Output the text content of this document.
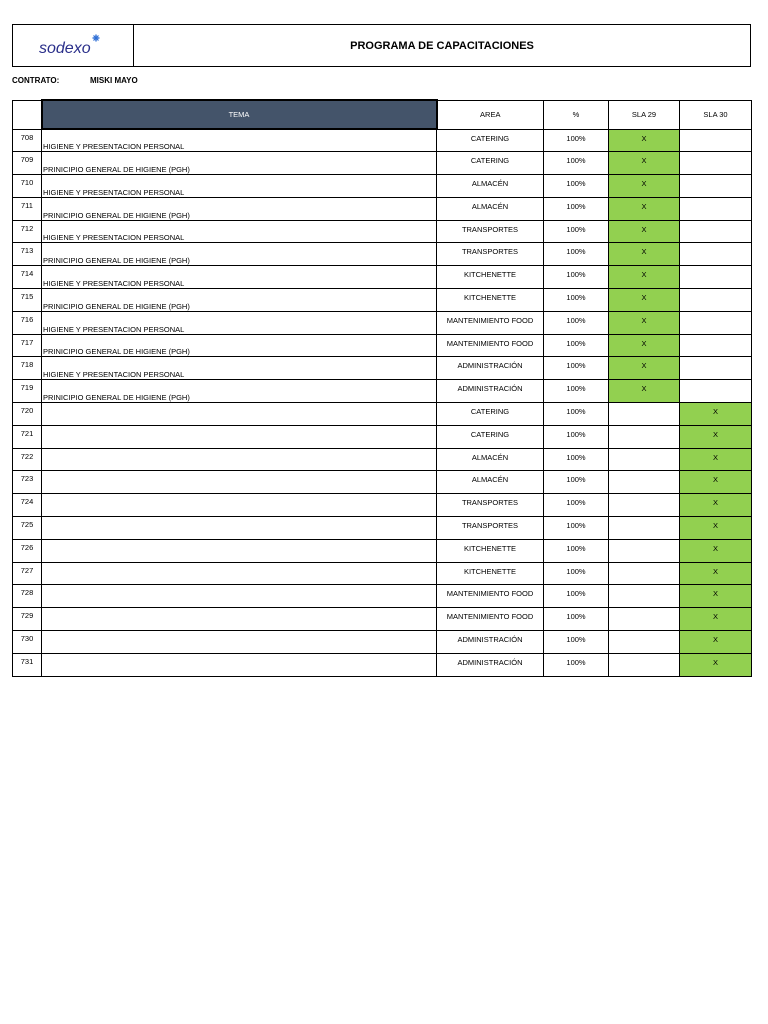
sodexo	PROGRAMA DE CAPACITACIONES
CONTRATO:	MISKI MAYO
	TEMA	AREA	%	SLA 29	SLA 30
708	HIGIENE Y PRESENTACION PERSONAL	CATERING	100%	X	
709	PRINICIPIO GENERAL DE HIGIENE (PGH)	CATERING	100%	X	
710	HIGIENE Y PRESENTACION PERSONAL	ALMACÉN	100%	X	
711	PRINICIPIO GENERAL DE HIGIENE (PGH)	ALMACÉN	100%	X	
712	HIGIENE Y PRESENTACION PERSONAL	TRANSPORTES	100%	X	
713	PRINICIPIO GENERAL DE HIGIENE (PGH)	TRANSPORTES	100%	X	
714	HIGIENE Y PRESENTACION PERSONAL	KITCHENETTE	100%	X	
715	PRINICIPIO GENERAL DE HIGIENE (PGH)	KITCHENETTE	100%	X	
716	HIGIENE Y PRESENTACION PERSONAL	MANTENIMIENTO FOOD	100%	X	
717	PRINICIPIO GENERAL DE HIGIENE (PGH)	MANTENIMIENTO FOOD	100%	X	
718	HIGIENE Y PRESENTACION PERSONAL	ADMINISTRACIÓN	100%	X	
719	PRINICIPIO GENERAL DE HIGIENE (PGH)	ADMINISTRACIÓN	100%	X	
720		CATERING	100%		X
721		CATERING	100%		X
722		ALMACÉN	100%		X
723		ALMACÉN	100%		X
724		TRANSPORTES	100%		X
725		TRANSPORTES	100%		X
726		KITCHENETTE	100%		X
727		KITCHENETTE	100%		X
728		MANTENIMIENTO FOOD	100%		X
729		MANTENIMIENTO FOOD	100%		X
730		ADMINISTRACIÓN	100%		X
731		ADMINISTRACIÓN	100%		X
